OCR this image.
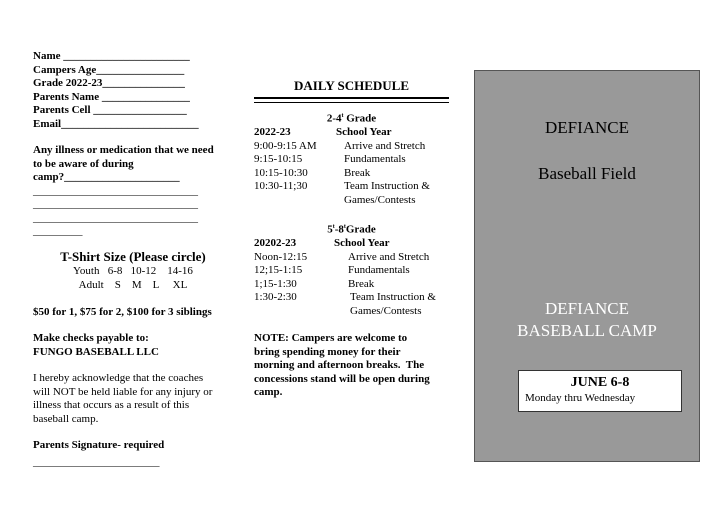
Name _______________________
Campers Age________________
Grade 2022-23_______________
Parents Name ________________
Parents Cell _________________
Email_________________________
Any illness or medication that we need
to be aware of during
camp?_____________________
______________________________
______________________________
______________________________
_________
T-Shirt Size (Please circle)
Youth   6-8   10-12    14-16
Adult    S    M    L     XL
$50 for 1, $75 for 2, $100 for 3 siblings
Make checks payable to:
FUNGO BASEBALL LLC
I hereby acknowledge that the coaches
will NOT be held liable for any injury or
illness that occurs as a result of this
baseball camp.
Parents Signature- required
_______________________
DAILY SCHEDULE
2-4$^t$ Grade
2022-23	School Year
9:00-9:15 AM	Arrive and Stretch
9:15-10:15	Fundamentals
10:15-10:30	Break
10:30-11;30	Team Instruction &
	Games/Contests
5$^t$-8$^t$Grade
20202-23	School Year
Noon-12:15	Arrive and Stretch
12;15-1:15	Fundamentals
1;15-1:30	Break
1:30-2:30	Team Instruction &
	Games/Contests
NOTE: Campers are welcome to
bring spending money for their
morning and afternoon breaks.  The
concessions stand will be open during
camp.
DEFIANCE
Baseball Field
DEFIANCE
BASEBALL CAMP
JUNE 6-8
Monday thru Wednesday
